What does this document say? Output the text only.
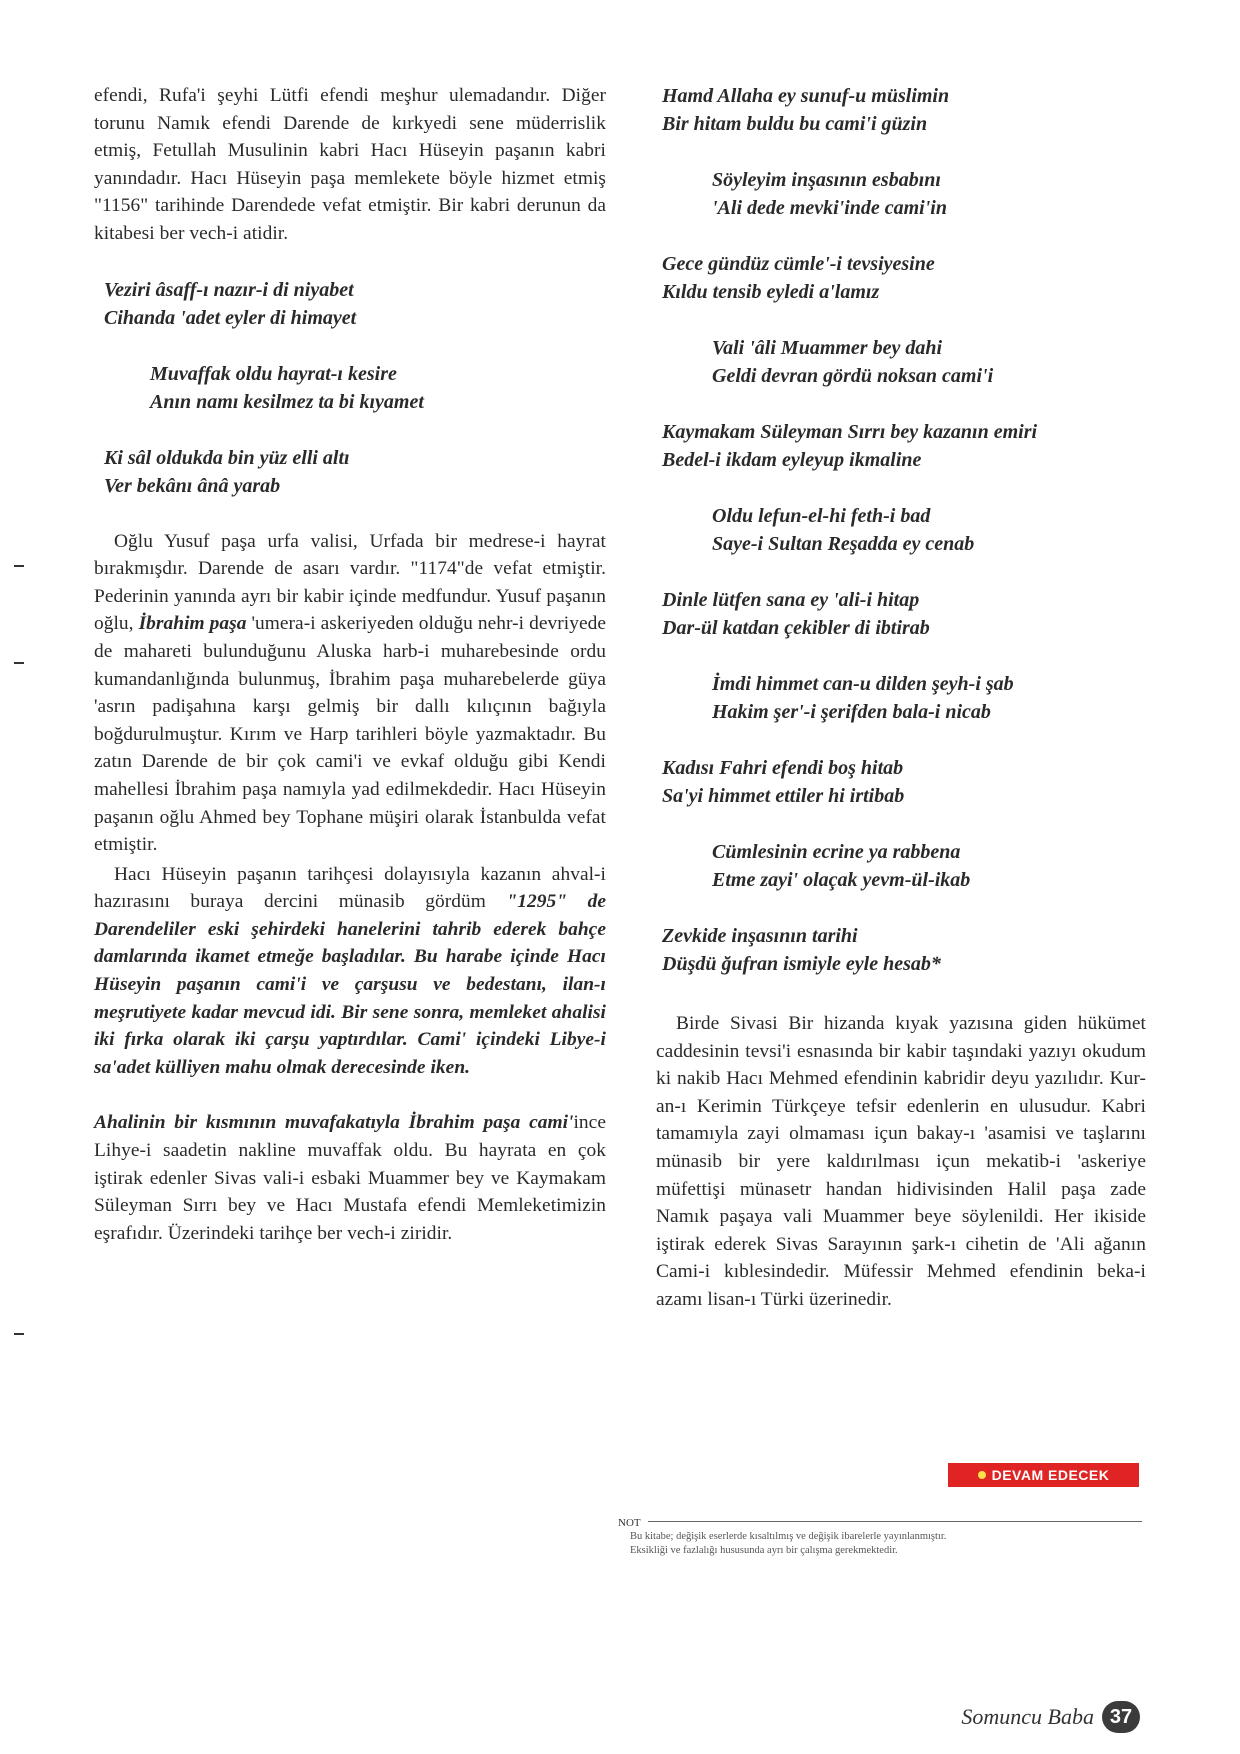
efendi, Rufa'i şeyhi Lütfi efendi meşhur ulemadandır. Diğer torunu Namık efendi Darende de kırkyedi sene müderrislik etmiş, Fetullah Musulinin kabri Hacı Hüseyin paşanın kabri yanındadır. Hacı Hüseyin paşa memlekete böyle hizmet etmiş "1156" tarihinde Darendede vefat etmiştir. Bir kabri derunun da kitabesi ber vech-i atidir.

Veziri âsaff-ı nazır-i di niyabet
Cihanda 'adet eyler di himayet
Muvaffak oldu hayrat-ı kesire
Anın namı kesilmez ta bi kıyamet
Ki sâl oldukda bin yüz elli altı
Ver bekânı ânâ yarab

Oğlu Yusuf paşa urfa valisi, Urfada bir medrese-i hayrat bırakmışdır. Darende de asarı vardır. "1174"de vefat etmiştir. Pederinin yanında ayrı bir kabir içinde medfundur. Yusuf paşanın oğlu, İbrahim paşa 'umera-i askeriyeden olduğu nehr-i devriyede de mahareti bulunduğunu Aluska harb-i muharebesinde ordu kumandanlığında bulunmuş, İbrahim paşa muharebelerde güya 'asrın padişahına karşı gelmiş bir dallı kılıçının bağıyla boğdurulmuştur. Kırım ve Harp tarihleri böyle yazmaktadır. Bu zatın Darende de bir çok cami'i ve evkaf olduğu gibi Kendi mahellesi İbrahim paşa namıyla yad edilmekdedir. Hacı Hüseyin paşanın oğlu Ahmed bey Tophane müşiri olarak İstanbulda vefat etmiştir.

Hacı Hüseyin paşanın tarihçesi dolayısıyla kazanın ahval-i hazırasını buraya dercini münasib gördüm "1295" de Darendeliler eski şehirdeki hanelerini tahrib ederek bahçe damlarında ikamet etmeğe başladılar. Bu harabe içinde Hacı Hüseyin paşanın cami'i ve çarşusu ve bedestanı, ilan-ı meşrutiyete kadar mevcud idi. Bir sene sonra, memleket ahalisi iki fırka olarak iki çarşu yaptırdılar. Cami' içindeki Libye-i sa'adet külliyen mahu olmak derecesinde iken.

Ahalinin bir kısmının muvafakatıyla İbrahim paşa cami'ince Lihye-i saadetin nakline muvaffak oldu. Bu hayrata en çok iştirak edenler Sivas vali-i esbaki Muammer bey ve Kaymakam Süleyman Sırrı bey ve Hacı Mustafa efendi Memleketimizin eşrafıdır. Üzerindeki tarihçe ber vech-i ziridir.

Hamd Allaha ey sunuf-u müslimin
Bir hitam buldu bu cami'i güzin
Söyleyim inşasının esbabını
'Ali dede mevki'inde cami'in
Gece gündüz cümle'-i tevsiyesine
Kıldu tensib eyledi a'lamız
Vali 'âli Muammer bey dahi
Geldi devran gördü noksan cami'i
Kaymakam Süleyman Sırrı bey kazanın emiri
Bedel-i ikdam eyleyup ikmaline
Oldu lefun-el-hi feth-i bad
Saye-i Sultan Reşadda ey cenab
Dinle lütfen sana ey 'ali-i hitap
Dar-ül katdan çekibler di ibtirab
İmdi himmet can-u dilden şeyh-i şab
Hakim şer'-i şerifden bala-i nicab
Kadısı Fahri efendi boş hitab
Sa'yi himmet ettiler hi irtibab
Cümlesinin ecrine ya rabbena
Etme zayi' olaçak yevm-ül-ikab
Zevkide inşasının tarihi
Düşdü ğufran ismiyle eyle hesab*

Birde Sivasi Bir hizanda kıyak yazısına giden hükümet caddesinin tevsi'i esnasında bir kabir taşındaki yazıyı okudum ki nakib Hacı Mehmed efendinin kabridir deyu yazılıdır. Kur-an-ı Kerimin Türkçeye tefsir edenlerin en ulusudur. Kabri tamamıyla zayi olmaması içun bakay-ı 'asamisi ve taşlarını münasib bir yere kaldırılması içun mekatib-i 'askeriye müfettişi münasetr handan hidivisinden Halil paşa zade Namık paşaya vali Muammer beye söylenildi. Her ikiside iştirak ederek Sivas Sarayının şark-ı cihetin de 'Ali ağanın Cami-i kıblesindedir. Müfessir Mehmed efendinin beka-i azamı lisan-ı Türki üzerinedir.

DEVAM EDECEK
NOT
Bu kitabe; değişik eserlerde kısaltılmış ve değişik ibarelerle yayınlanmıştır.
Eksikliği ve fazlalığı hususunda ayrı bir çalışma gerekmektedir.
Somuncu Baba 37
